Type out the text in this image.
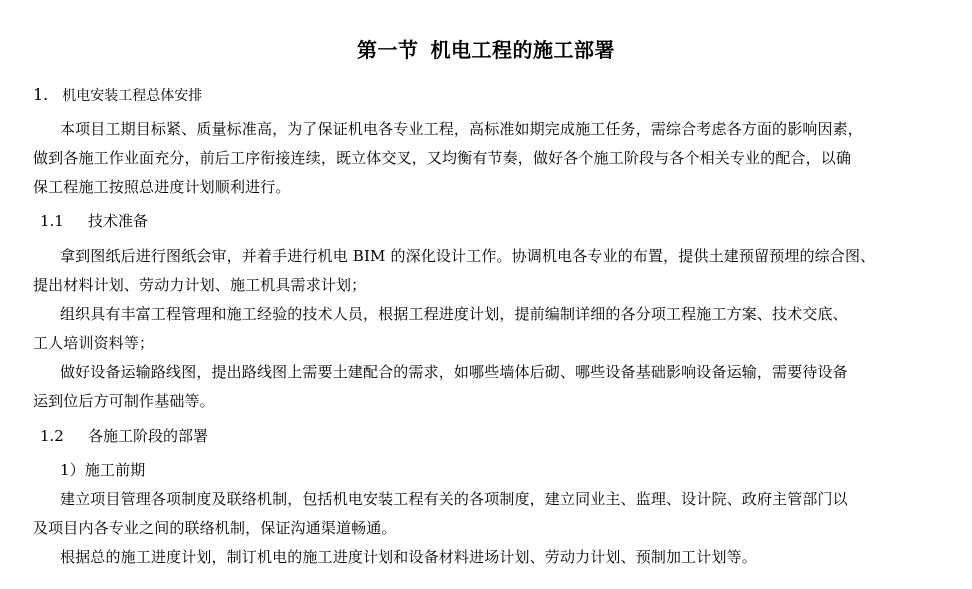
第一节 机电工程的施工部署
1. 机电安装工程总体安排
本项目工期目标紧、质量标准高，为了保证机电各专业工程，高标准如期完成施工任务，需综合考虑各方面的影响因素，
做到各施工作业面充分，前后工序衔接连续，既立体交叉，又均衡有节奏，做好各个施工阶段与各个相关专业的配合，以确
保工程施工按照总进度计划顺利进行。
1.1 技术准备
拿到图纸后进行图纸会审，并着手进行机电 BIM 的深化设计工作。协调机电各专业的布置，提供土建预留预埋的综合图、
提出材料计划、劳动力计划、施工机具需求计划；
组织具有丰富工程管理和施工经验的技术人员，根据工程进度计划，提前编制详细的各分项工程施工方案、技术交底、
工人培训资料等；
做好设备运输路线图，提出路线图上需要土建配合的需求，如哪些墙体后砌、哪些设备基础影响设备运输，需要待设备
运到位后方可制作基础等。
1.2 各施工阶段的部署
1）施工前期
建立项目管理各项制度及联络机制，包括机电安装工程有关的各项制度，建立同业主、监理、设计院、政府主管部门以
及项目内各专业之间的联络机制，保证沟通渠道畅通。
根据总的施工进度计划，制订机电的施工进度计划和设备材料进场计划、劳动力计划、预制加工计划等。
